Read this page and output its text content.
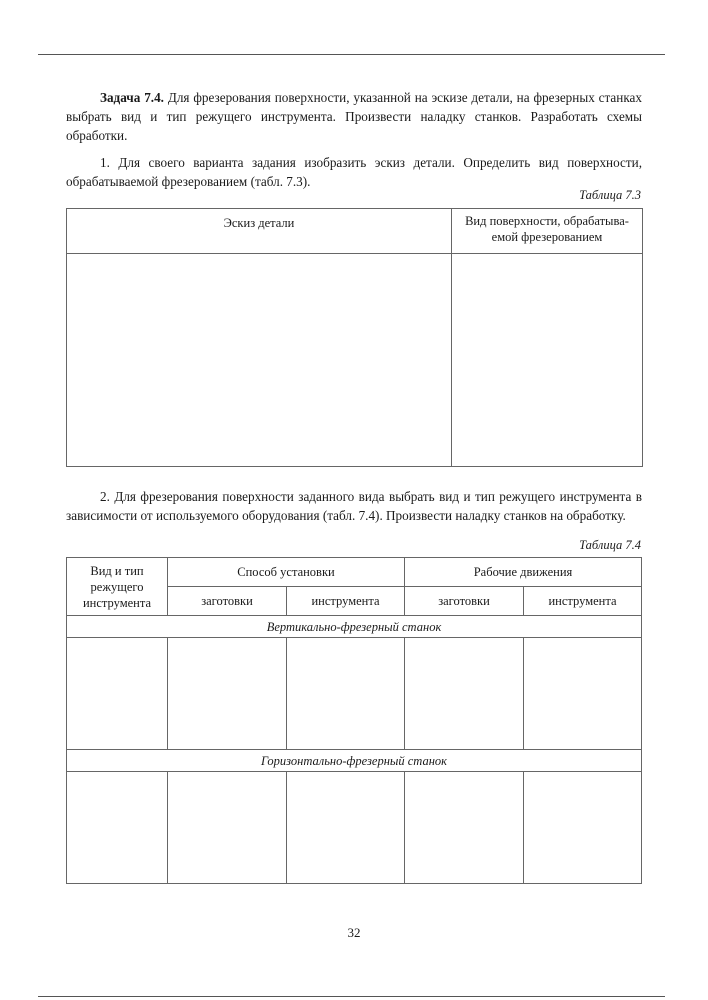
Задача 7.4. Для фрезерования поверхности, указанной на эскизе детали, на фрезерных станках выбрать вид и тип режущего инструмента. Произвести наладку станков. Разработать схемы обработки.
1. Для своего варианта задания изобразить эскиз детали. Определить вид поверхности, обрабатываемой фрезерованием (табл. 7.3).
Таблица 7.3
Эскиз детали	Вид поверхности, обрабатыва-емой фрезерованием

2. Для фрезерования поверхности заданного вида выбрать вид и тип режущего инструмента в зависимости от используемого оборудования (табл. 7.4). Произвести наладку станков на обработку.
Таблица 7.4
Вид и тип режущего инструмента	Способ установки		Рабочие движения	
	заготовки	инструмента	заготовки	инструмента
Вертикально-фрезерный станок				

Горизонтально-фрезерный станок				

32
